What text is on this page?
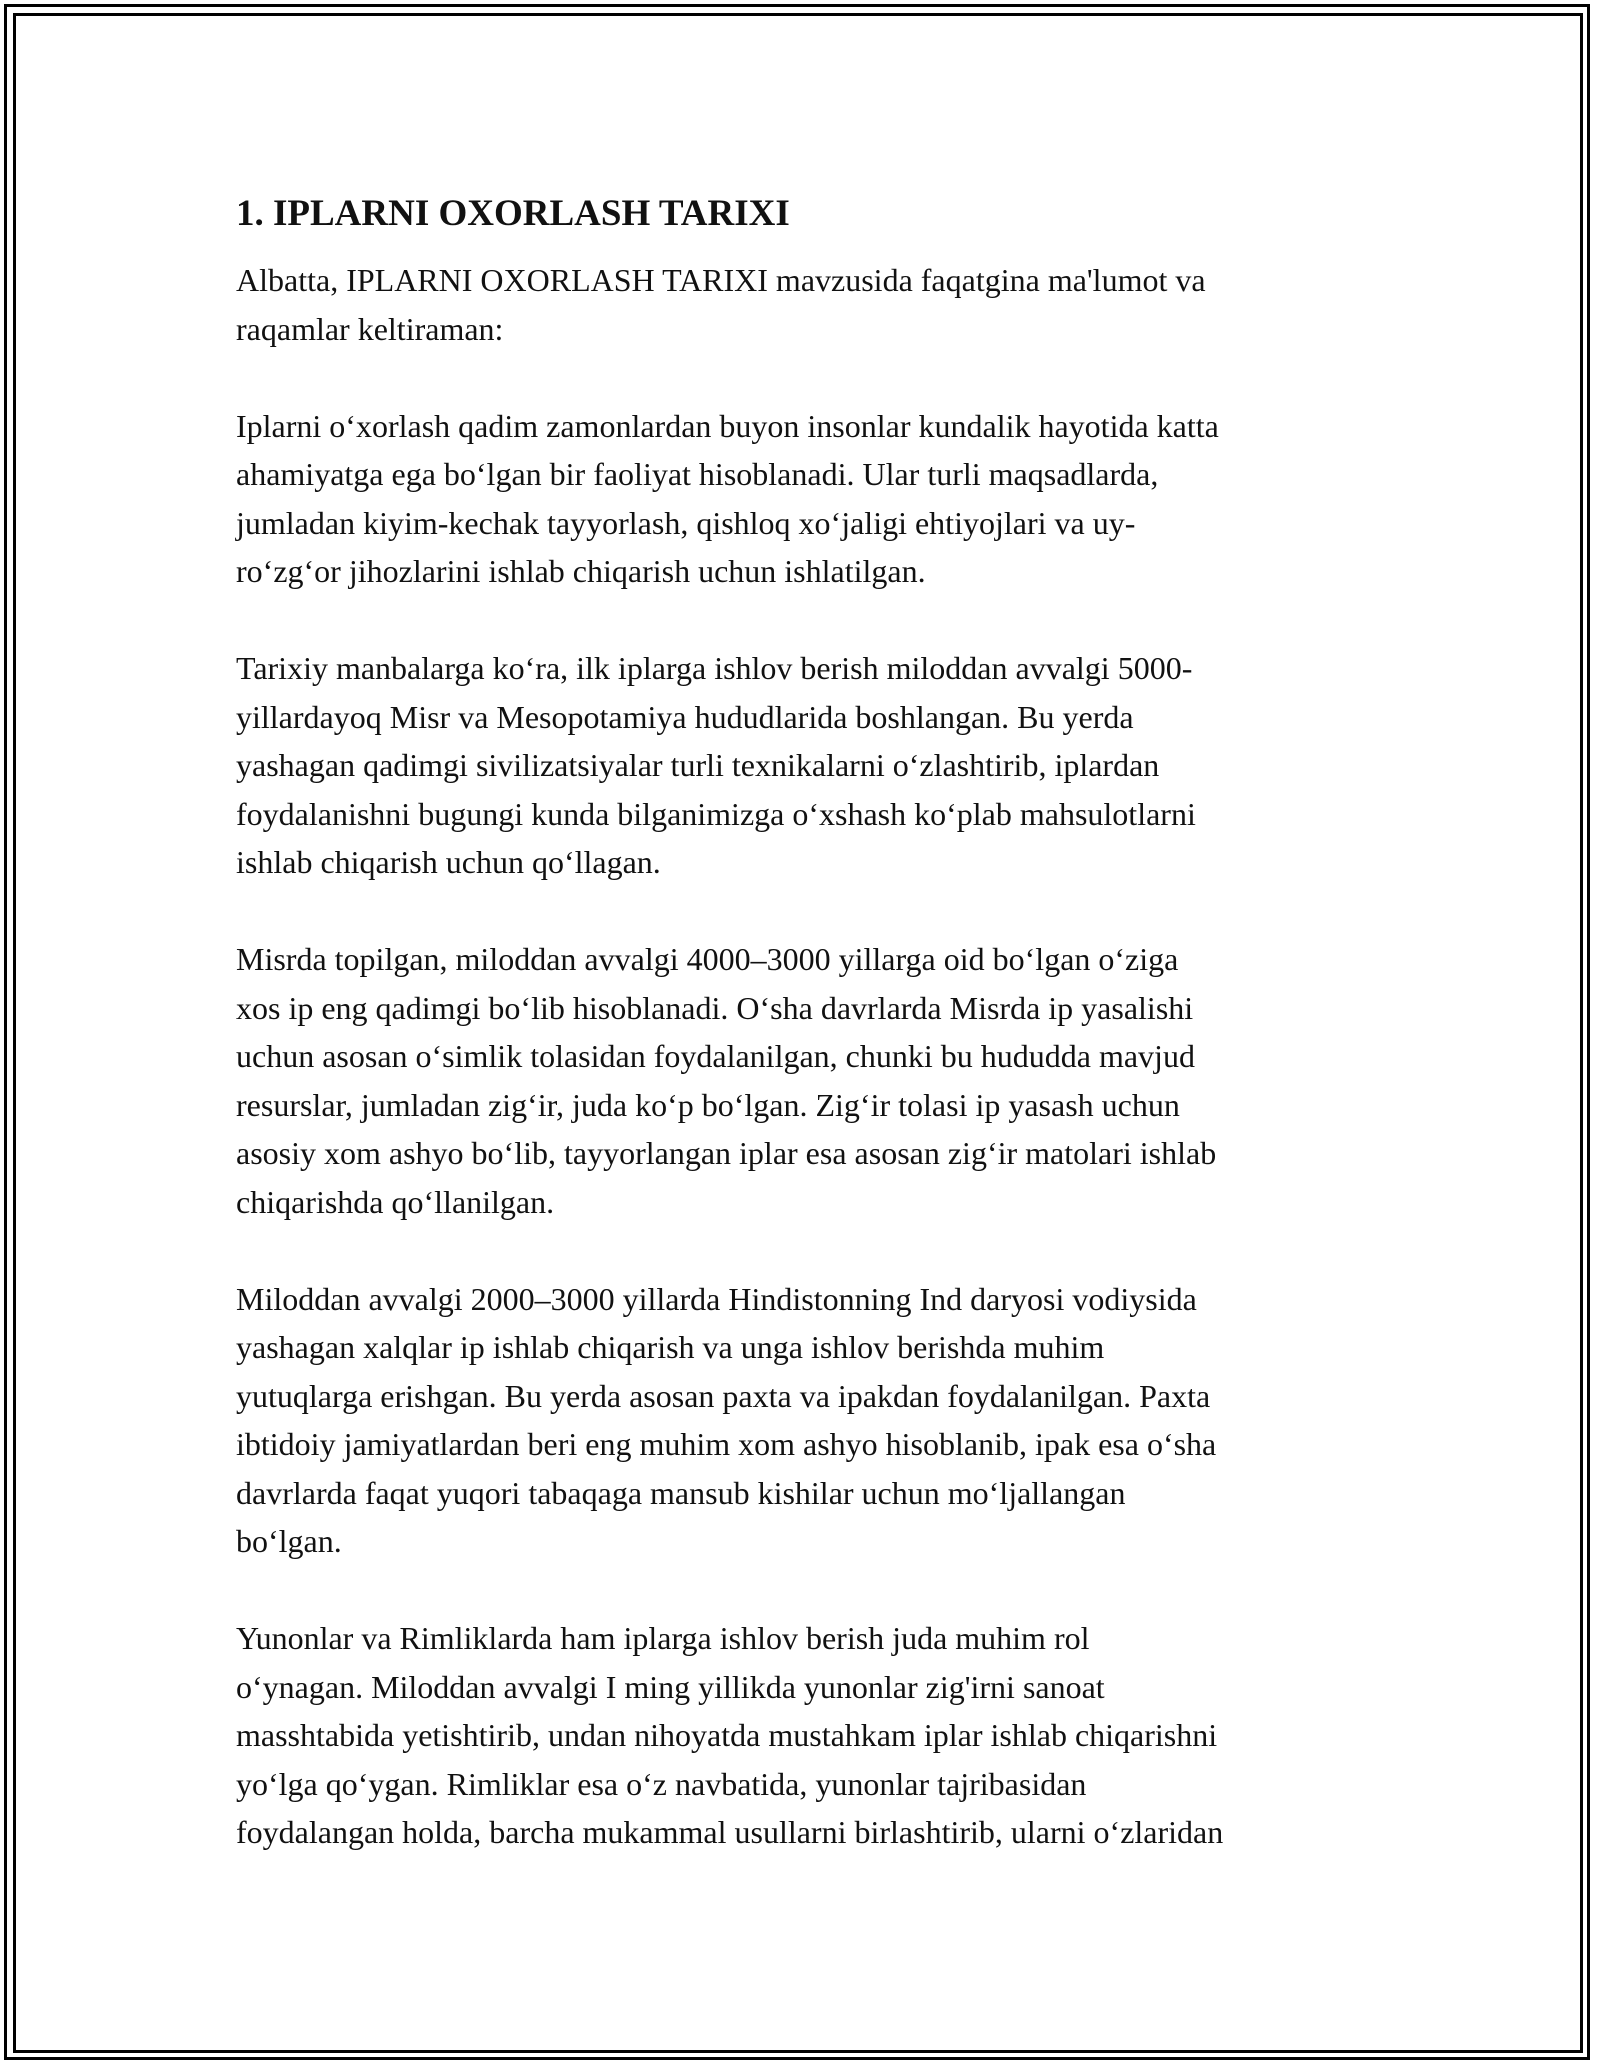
1. IPLARNI OXORLASH TARIXI
Albatta, IPLARNI OXORLASH TARIXI mavzusida faqatgina ma'lumot va
raqamlar keltiraman:
Iplarni o‘xorlash qadim zamonlardan buyon insonlar kundalik hayotida katta
ahamiyatga ega bo‘lgan bir faoliyat hisoblanadi. Ular turli maqsadlarda,
jumladan kiyim-kechak tayyorlash, qishloq xo‘jaligi ehtiyojlari va uy-
ro‘zg‘or jihozlarini ishlab chiqarish uchun ishlatilgan.
Tarixiy manbalarga ko‘ra, ilk iplarga ishlov berish miloddan avvalgi 5000-
yillardayoq Misr va Mesopotamiya hududlarida boshlangan. Bu yerda
yashagan qadimgi sivilizatsiyalar turli texnikalarni o‘zlashtirib, iplardan
foydalanishni bugungi kunda bilganimizga o‘xshash ko‘plab mahsulotlarni
ishlab chiqarish uchun qo‘llagan.
Misrda topilgan, miloddan avvalgi 4000–3000 yillarga oid bo‘lgan o‘ziga
xos ip eng qadimgi bo‘lib hisoblanadi. O‘sha davrlarda Misrda ip yasalishi
uchun asosan o‘simlik tolasidan foydalanilgan, chunki bu hududda mavjud
resurslar, jumladan zig‘ir, juda ko‘p bo‘lgan. Zig‘ir tolasi ip yasash uchun
asosiy xom ashyo bo‘lib, tayyorlangan iplar esa asosan zig‘ir matolari ishlab
chiqarishda qo‘llanilgan.
Miloddan avvalgi 2000–3000 yillarda Hindistonning Ind daryosi vodiysida
yashagan xalqlar ip ishlab chiqarish va unga ishlov berishda muhim
yutuqlarga erishgan. Bu yerda asosan paxta va ipakdan foydalanilgan. Paxta
ibtidoiy jamiyatlardan beri eng muhim xom ashyo hisoblanib, ipak esa o‘sha
davrlarda faqat yuqori tabaqaga mansub kishilar uchun mo‘ljallangan
bo‘lgan.
Yunonlar va Rimliklarda ham iplarga ishlov berish juda muhim rol
o‘ynagan. Miloddan avvalgi I ming yillikda yunonlar zig'irni sanoat
masshtabida yetishtirib, undan nihoyatda mustahkam iplar ishlab chiqarishni
yo‘lga qo‘ygan. Rimliklar esa o‘z navbatida, yunonlar tajribasidan
foydalangan holda, barcha mukammal usullarni birlashtirib, ularni o‘zlaridan
